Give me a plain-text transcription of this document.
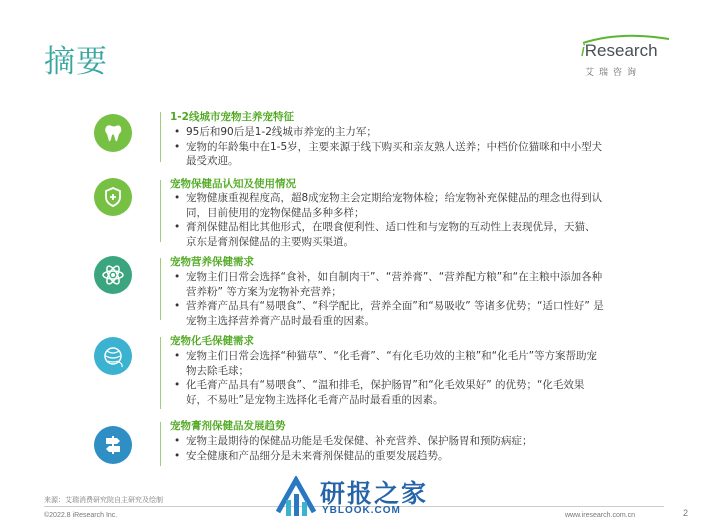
摘要	iResearch
艾瑞咨询
1-2线城市宠物主养宠特征
• 95后和90后是1-2线城市养宠的主力军；
• 宠物的年龄集中在1-5岁，主要来源于线下购买和亲友熟人送养；中档价位猫咪和中小型犬最受欢迎。
宠物保健品认知及使用情况
• 宠物健康重视程度高，超8成宠物主会定期给宠物体检；给宠物补充保健品的理念也得到认同，目前使用的宠物保健品多种多样；
• 膏剂保健品相比其他形式，在喂食便利性、适口性和与宠物的互动性上表现优异，天猫、京东是膏剂保健品的主要购买渠道。
宠物营养保健需求
• 宠物主们日常会选择“食补，如自制肉干”、“营养膏”、“营养配方粮”和“在主粮中添加各种营养粉” 等方案为宠物补充营养；
• 营养膏产品具有“易喂食”、“科学配比，营养全面”和“易吸收” 等诸多优势；“适口性好” 是宠物主选择营养膏产品时最看重的因素。
宠物化毛保健需求
• 宠物主们日常会选择“种猫草”、“化毛膏”、“有化毛功效的主粮”和“化毛片”等方案帮助宠物去除毛球；
• 化毛膏产品具有“易喂食”、“温和排毛，保护肠胃”和“化毛效果好” 的优势；“化毛效果好，不易吐”是宠物主选择化毛膏产品时最看重的因素。
宠物膏剂保健品发展趋势
• 宠物主最期待的保健品功能是毛发保健、补充营养、保护肠胃和预防病症；
• 安全健康和产品细分是未来膏剂保健品的重要发展趋势。
来源：艾瑞消费研究院自主研究及绘制
©2022.8 iResearch Inc.	www.iresearch.com.cn	2
研报之家
YBLOOK.COM
